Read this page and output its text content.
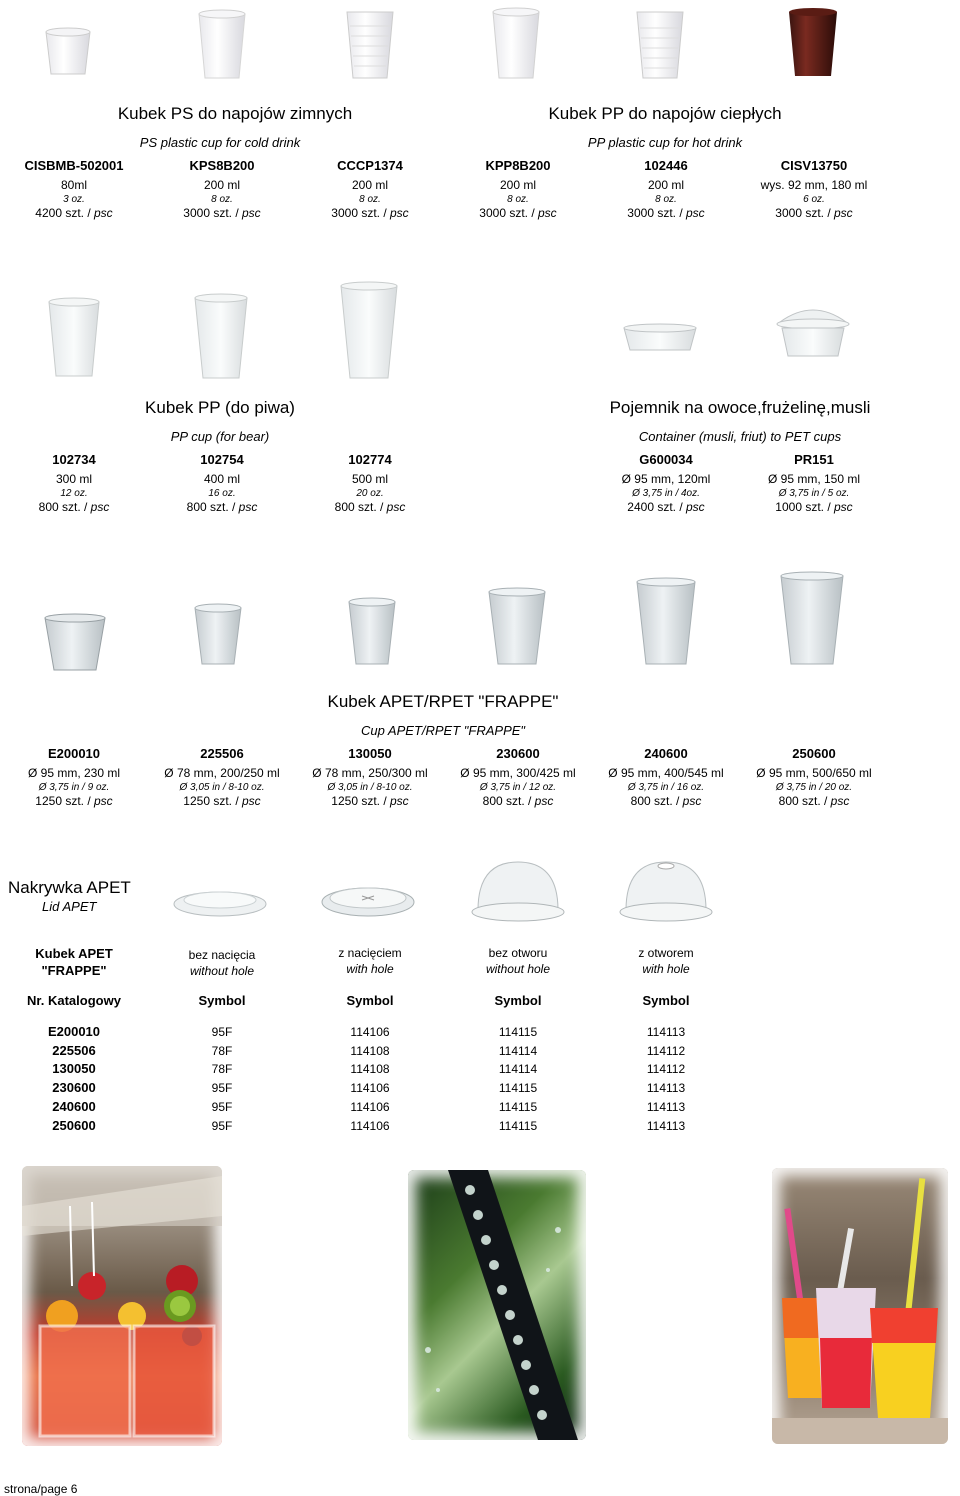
Kubek PS do napojów zimnych
PS plastic cup for cold drink
Kubek PP do napojów ciepłych
PP plastic cup for hot drink
CISBMB-502001
80ml
3 oz.
4200 szt. / psc
KPS8B200
200 ml
8 oz.
3000 szt. / psc
CCCP1374
200 ml
8 oz.
3000 szt. / psc
KPP8B200
200 ml
8 oz.
3000 szt. / psc
102446
200 ml
8 oz.
3000 szt. / psc
CISV13750
wys. 92 mm, 180 ml
6 oz.
3000 szt. / psc
Kubek PP (do piwa)
PP cup (for bear)
Pojemnik na owoce,frużelinę,musli
Container (musli, friut) to PET cups
102734
300 ml
12 oz.
800 szt. / psc
102754
400 ml
16 oz.
800 szt. / psc
102774
500 ml
20 oz.
800 szt. / psc
G600034
Ø 95 mm, 120ml
Ø 3,75 in / 4oz.
2400 szt. / psc
PR151
Ø 95 mm, 150 ml
Ø 3,75 in / 5 oz.
1000 szt. / psc
Kubek APET/RPET "FRAPPE"
Cup APET/RPET "FRAPPE"
E200010
Ø 95 mm, 230 ml
Ø 3,75 in / 9 oz.
1250 szt. / psc
225506
Ø 78 mm, 200/250 ml
Ø 3,05 in / 8-10 oz.
1250 szt. / psc
130050
Ø 78 mm, 250/300 ml
Ø 3,05 in / 8-10 oz.
1250 szt. / psc
230600
Ø 95 mm, 300/425 ml
Ø 3,75 in / 12 oz.
800 szt. / psc
240600
Ø 95 mm, 400/545 ml
Ø 3,75 in / 16 oz.
800 szt. / psc
250600
Ø 95 mm, 500/650 ml
Ø 3,75 in / 20 oz.
800 szt. / psc
Nakrywka APET
Lid APET
Kubek APET
"FRAPPE"
bez nacięcia
without hole
z nacięciem
with hole
bez otworu
without hole
z otworem
with hole
Nr. Katalogowy	Symbol	Symbol	Symbol	Symbol
E200010	95F	114106	114115	114113
225506	78F	114108	114114	114112
130050	78F	114108	114114	114112
230600	95F	114106	114115	114113
240600	95F	114106	114115	114113
250600	95F	114106	114115	114113
strona/page 6
